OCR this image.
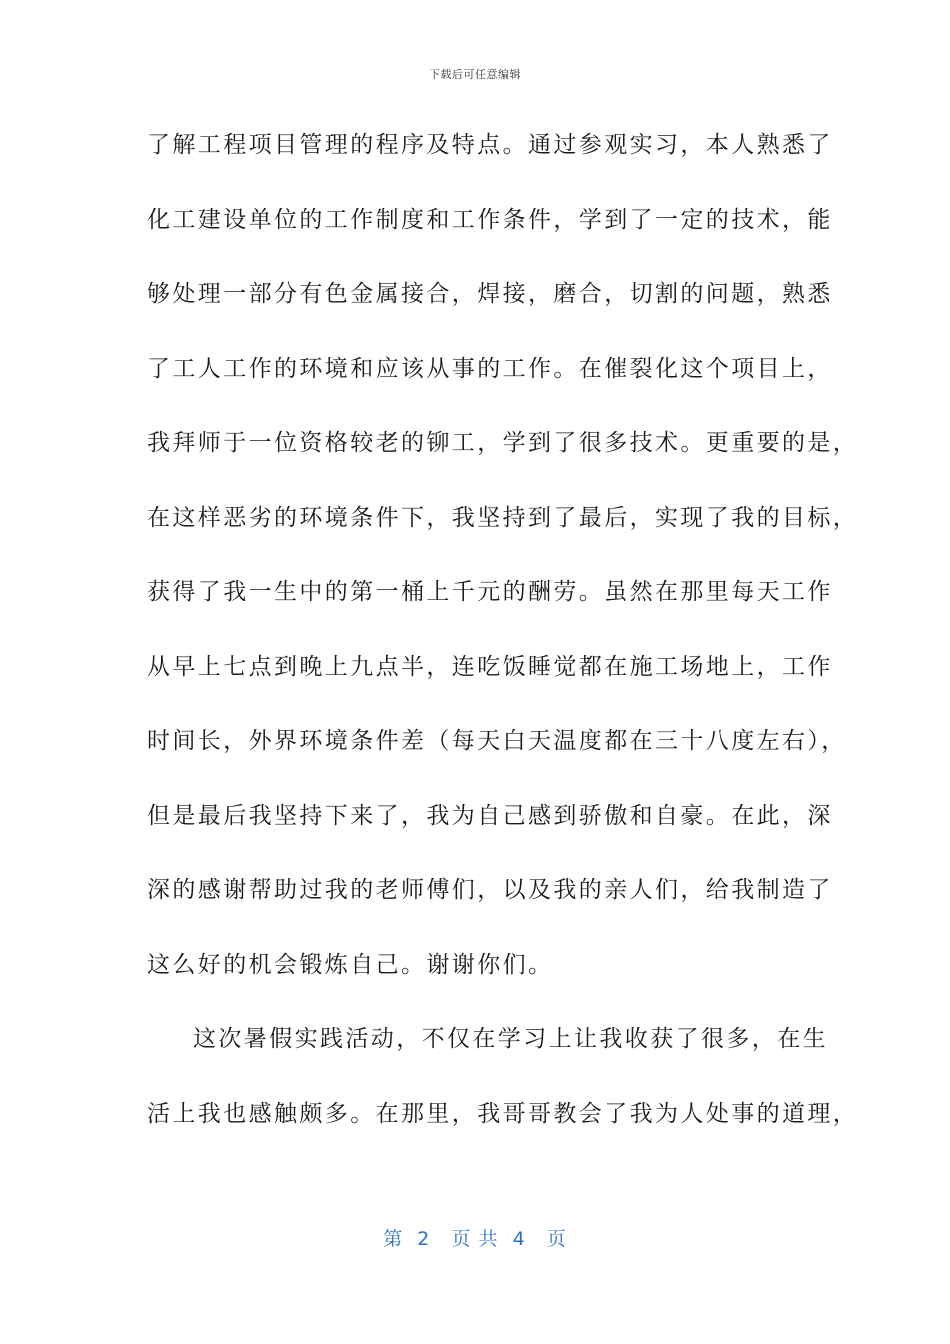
下载后可任意编辑
了解工程项目管理的程序及特点。通过参观实习，本人熟悉了
化工建设单位的工作制度和工作条件，学到了一定的技术，能
够处理一部分有色金属接合，焊接，磨合，切割的问题，熟悉
了工人工作的环境和应该从事的工作。在催裂化这个项目上，
我拜师于一位资格较老的铆工，学到了很多技术。更重要的是，
在这样恶劣的环境条件下，我坚持到了最后，实现了我的目标，
获得了我一生中的第一桶上千元的酬劳。虽然在那里每天工作
从早上七点到晚上九点半，连吃饭睡觉都在施工场地上，工作
时间长，外界环境条件差（每天白天温度都在三十八度左右），
但是最后我坚持下来了，我为自己感到骄傲和自豪。在此，深
深的感谢帮助过我的老师傅们，以及我的亲人们，给我制造了
这么好的机会锻炼自己。谢谢你们。
这次暑假实践活动，不仅在学习上让我收获了很多，在生
活上我也感触颇多。在那里，我哥哥教会了我为人处事的道理，
第  2   页 共  4   页
